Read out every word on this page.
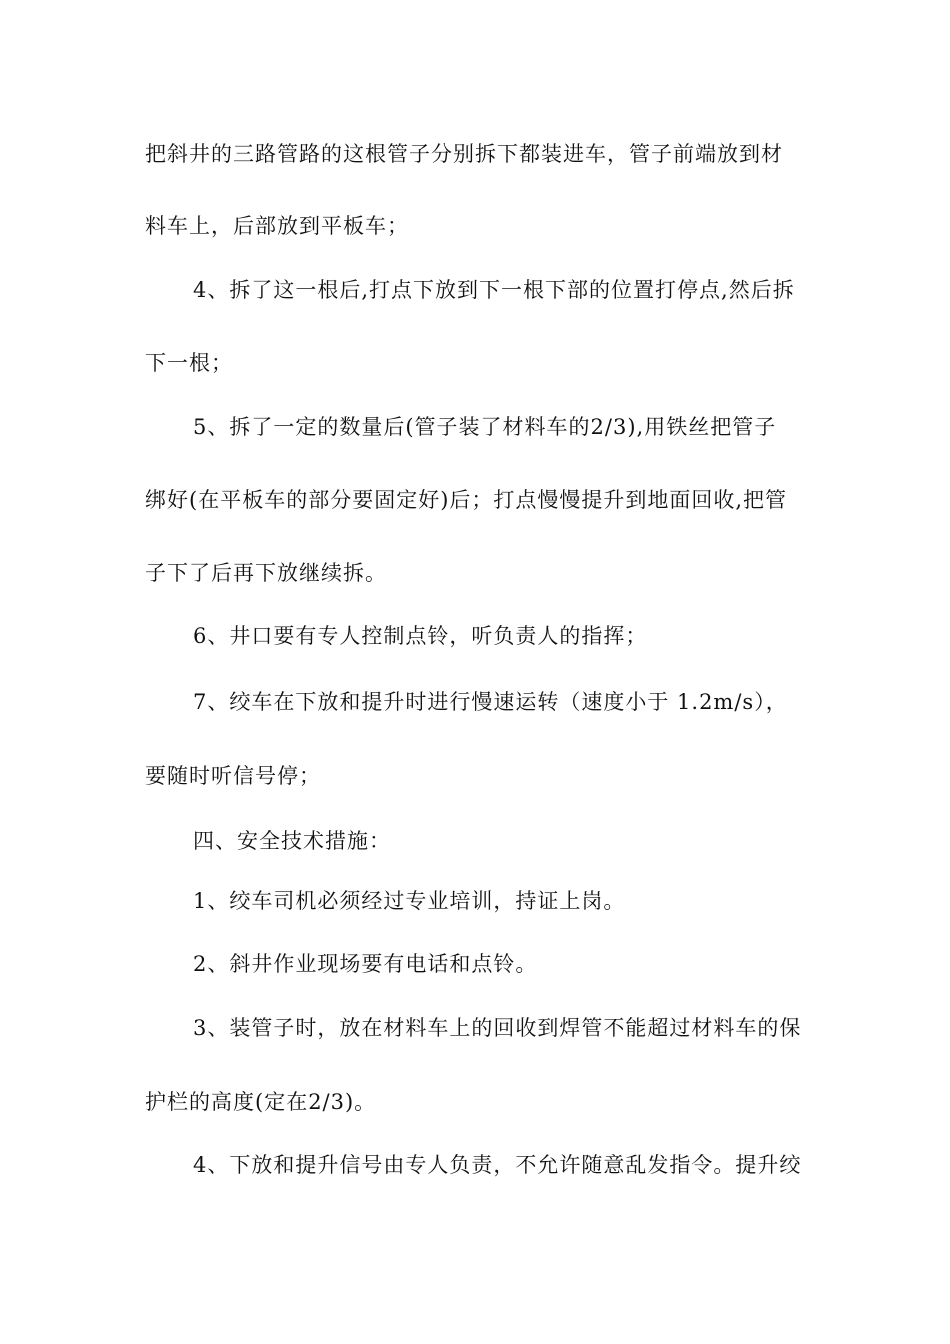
把斜井的三路管路的这根管子分别拆下都装进车，管子前端放到材
料车上，后部放到平板车；
4、拆了这一根后,打点下放到下一根下部的位置打停点,然后拆
下一根；
5、拆了一定的数量后(管子装了材料车的2/3),用铁丝把管子
绑好(在平板车的部分要固定好)后；打点慢慢提升到地面回收,把管
子下了后再下放继续拆。
6、井口要有专人控制点铃，听负责人的指挥；
7、绞车在下放和提升时进行慢速运转（速度小于 1.2m/s），
要随时听信号停；
四、安全技术措施：
1、绞车司机必须经过专业培训，持证上岗。
2、斜井作业现场要有电话和点铃。
3、装管子时，放在材料车上的回收到焊管不能超过材料车的保
护栏的高度(定在2/3)。
4、下放和提升信号由专人负责，不允许随意乱发指令。提升绞
